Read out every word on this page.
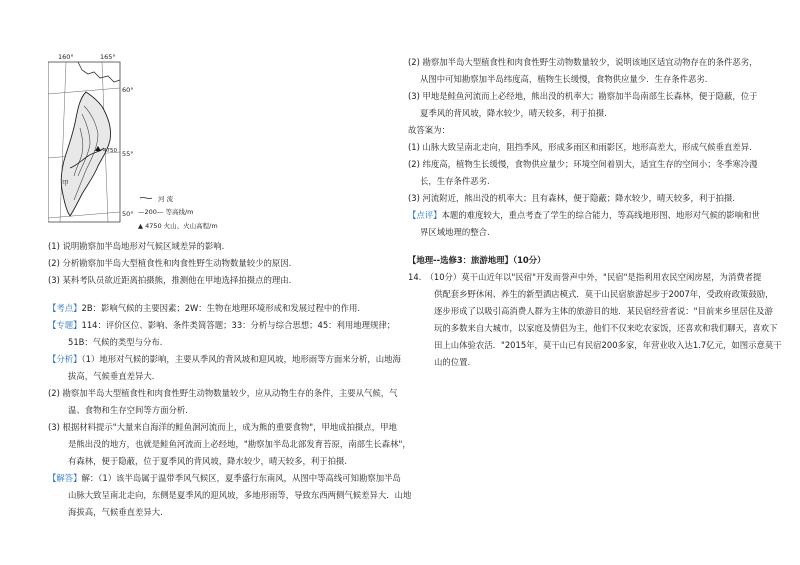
4750
甲
160°	165°
60°
55°
50°
河 流
—200— 等高线/m
▲ 4750 火山、火山高程/m
(1) 说明勘察加半岛地形对气候区域差异的影响.
(2) 分析勘察加半岛大型植食性和肉食性野生动物数量较少的原因.
(3) 某科考队员欲近距离拍摄熊，推测他在甲地选择拍摄点的理由.
【考点】2B：影响气候的主要因素；2W：生物在地理环境形成和发展过程中的作用.
【专题】114：评价区位、影响、条件类简答题；33：分析与综合思想；45：利用地理规律；
51B：气候的类型与分布.
【分析】（1）地形对气候的影响，主要从季风的背风坡和迎风坡，地形雨等方面来分析，山地海
拔高，气候垂直差异大.
(2) 勘察加半岛大型植食性和肉食性野生动物数量较少，应从动物生存的条件，主要从气候，气
温、食物和生存空间等方面分析.
(3) 根据材料提示"大量来自海洋的鲑鱼洄河流而上，成为熊的重要食物"，甲地成拍摄点，甲地
是熊出没的地方，也就是鲑鱼河流而上必经地，"勘察加半岛北部发育苔原，南部生长森林"，
有森林，便于隐蔽，位于夏季风的背风坡，降水较少，晴天较多，利于拍摄.
【解答】解：（1）该半岛属于温带季风气候区，夏季盛行东南风，从图中等高线可知勘察加半岛
山脉大致呈南北走向，东侧是夏季风的迎风坡，多地形雨等，导致东西两侧气候差异大．山地
海拔高，气候垂直差异大.
(2) 勘察加半岛大型植食性和肉食性野生动物数量较少，说明该地区适宜动物存在的条件恶劣，
从图中可知勘察加半岛纬度高，植物生长缓慢，食物供应量少．生存条件恶劣.
(3) 甲地是鲑鱼河流而上必经地，熊出没的机率大；勘察加半岛南部生长森林，便于隐蔽，位于
夏季风的背风坡，降水较少，晴天较多，利于拍摄.
故答案为：
(1) 山脉大致呈南北走向，阻挡季风，形成多雨区和雨影区，地形高差大，形成气候垂直差异.
(2) 纬度高，植物生长缓慢，食物供应量少；环境空间着别大，适宜生存的空间小；冬季寒冷漫
长，生存条件恶劣.
(3) 河流附近，熊出没的机率大；且有森林，便于隐蔽；降水较少，晴天较多，利于拍摄.
【点评】本题的难度较大，重点考查了学生的综合能力，等高线地形图、地形对气候的影响和世
界区域地理的整合.
【地理--选修3：旅游地理】（10分）
14.　（10分）莫干山近年以"民宿"开发而誉声中外，"民宿"是指利用农民空闲房屋，为消费者提
供配套乡野休闲、养生的新型酒店模式．莫干山民宿旅游起步于2007年，受政府政策鼓励，
逐步形成了以吸引高消费人群为主体的旅游目的地．某民宿经营者说："目前来乡里居住及游
玩的多数来自大城市，以家庭及情侣为主，他们不仅来吃农家饭，还喜欢和我们聊天，喜欢下
田上山体验农活．"2015年，莫干山已有民宿200多家，年营业收入达1.7亿元，如图示意莫干
山的位置.
